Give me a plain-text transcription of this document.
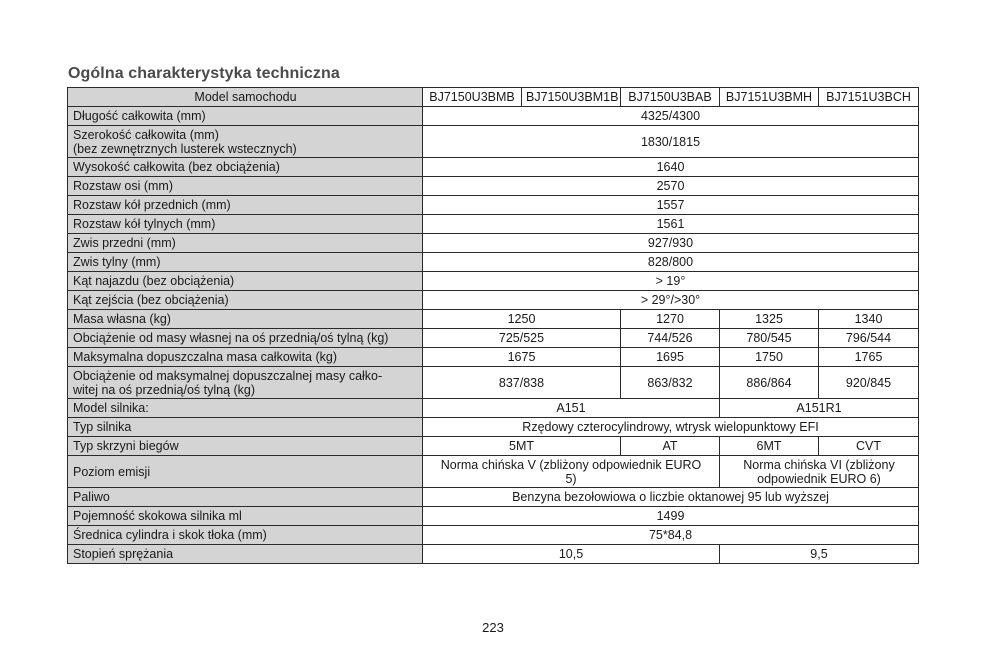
Ogólna charakterystyka techniczna
Model samochodu	BJ7150U3BMB	BJ7150U3BM1B	BJ7150U3BAB	BJ7151U3BMH	BJ7151U3BCH
Długość całkowita (mm)	4325/4300				
Szerokość całkowita (mm)
(bez zewnętrznych lusterek wstecznych)	1830/1815				
Wysokość całkowita (bez obciążenia)	1640				
Rozstaw osi (mm)	2570				
Rozstaw kół przednich (mm)	1557				
Rozstaw kół tylnych (mm)	1561				
Zwis przedni (mm)	927/930				
Zwis tylny (mm)	828/800				
Kąt najazdu (bez obciążenia)	> 19°				
Kąt zejścia (bez obciążenia)	> 29°/>30°				
Masa własna (kg)	1250		1270	1325	1340
Obciążenie od masy własnej na oś przednią/oś tylną (kg)	725/525		744/526	780/545	796/544
Maksymalna dopuszczalna masa całkowita (kg)	1675		1695	1750	1765
Obciążenie od maksymalnej dopuszczalnej masy całko-
witej na oś przednią/oś tylną (kg)	837/838		863/832	886/864	920/845
Model silnika:	A151			A151R1	
Typ silnika	Rzędowy czterocylindrowy, wtrysk wielopunktowy EFI				
Typ skrzyni biegów	5MT		AT	6MT	CVT
Poziom emisji	Norma chińska V (zbliżony odpowiednik EURO
5)			Norma chińska VI (zbliżony
odpowiednik EURO 6)	
Paliwo	Benzyna bezołowiowa o liczbie oktanowej 95 lub wyższej				
Pojemność skokowa silnika ml	1499				
Średnica cylindra i skok tłoka (mm)	75*84,8				
Stopień sprężania	10,5			9,5	
223
